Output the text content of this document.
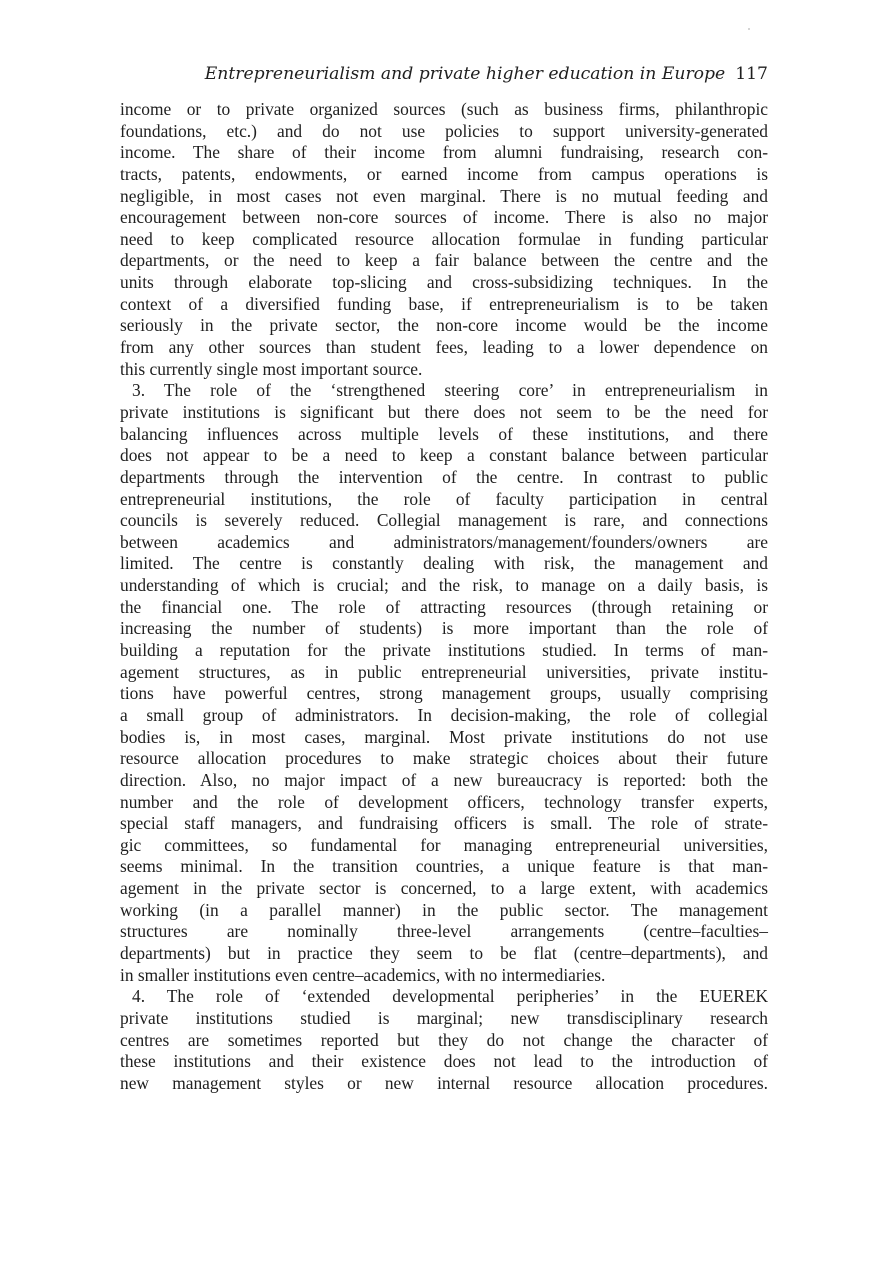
Entrepreneurialism and private higher education in Europe 117
income or to private organized sources (such as business firms, philanthropic
foundations, etc.) and do not use policies to support university-generated
income. The share of their income from alumni fundraising, research con-
tracts, patents, endowments, or earned income from campus operations is
negligible, in most cases not even marginal. There is no mutual feeding and
encouragement between non-core sources of income. There is also no major
need to keep complicated resource allocation formulae in funding particular
departments, or the need to keep a fair balance between the centre and the
units through elaborate top-slicing and cross-subsidizing techniques. In the
context of a diversified funding base, if entrepreneurialism is to be taken
seriously in the private sector, the non-core income would be the income
from any other sources than student fees, leading to a lower dependence on
this currently single most important source.
3. The role of the ‘strengthened steering core’ in entrepreneurialism in
private institutions is significant but there does not seem to be the need for
balancing influences across multiple levels of these institutions, and there
does not appear to be a need to keep a constant balance between particular
departments through the intervention of the centre. In contrast to public
entrepreneurial institutions, the role of faculty participation in central
councils is severely reduced. Collegial management is rare, and connections
between academics and administrators/management/founders/owners are
limited. The centre is constantly dealing with risk, the management and
understanding of which is crucial; and the risk, to manage on a daily basis, is
the financial one. The role of attracting resources (through retaining or
increasing the number of students) is more important than the role of
building a reputation for the private institutions studied. In terms of man-
agement structures, as in public entrepreneurial universities, private institu-
tions have powerful centres, strong management groups, usually comprising
a small group of administrators. In decision-making, the role of collegial
bodies is, in most cases, marginal. Most private institutions do not use
resource allocation procedures to make strategic choices about their future
direction. Also, no major impact of a new bureaucracy is reported: both the
number and the role of development officers, technology transfer experts,
special staff managers, and fundraising officers is small. The role of strate-
gic committees, so fundamental for managing entrepreneurial universities,
seems minimal. In the transition countries, a unique feature is that man-
agement in the private sector is concerned, to a large extent, with academics
working (in a parallel manner) in the public sector. The management
structures are nominally three-level arrangements (centre–faculties–
departments) but in practice they seem to be flat (centre–departments), and
in smaller institutions even centre–academics, with no intermediaries.
4. The role of ‘extended developmental peripheries’ in the EUEREK
private institutions studied is marginal; new transdisciplinary research
centres are sometimes reported but they do not change the character of
these institutions and their existence does not lead to the introduction of
new management styles or new internal resource allocation procedures.
